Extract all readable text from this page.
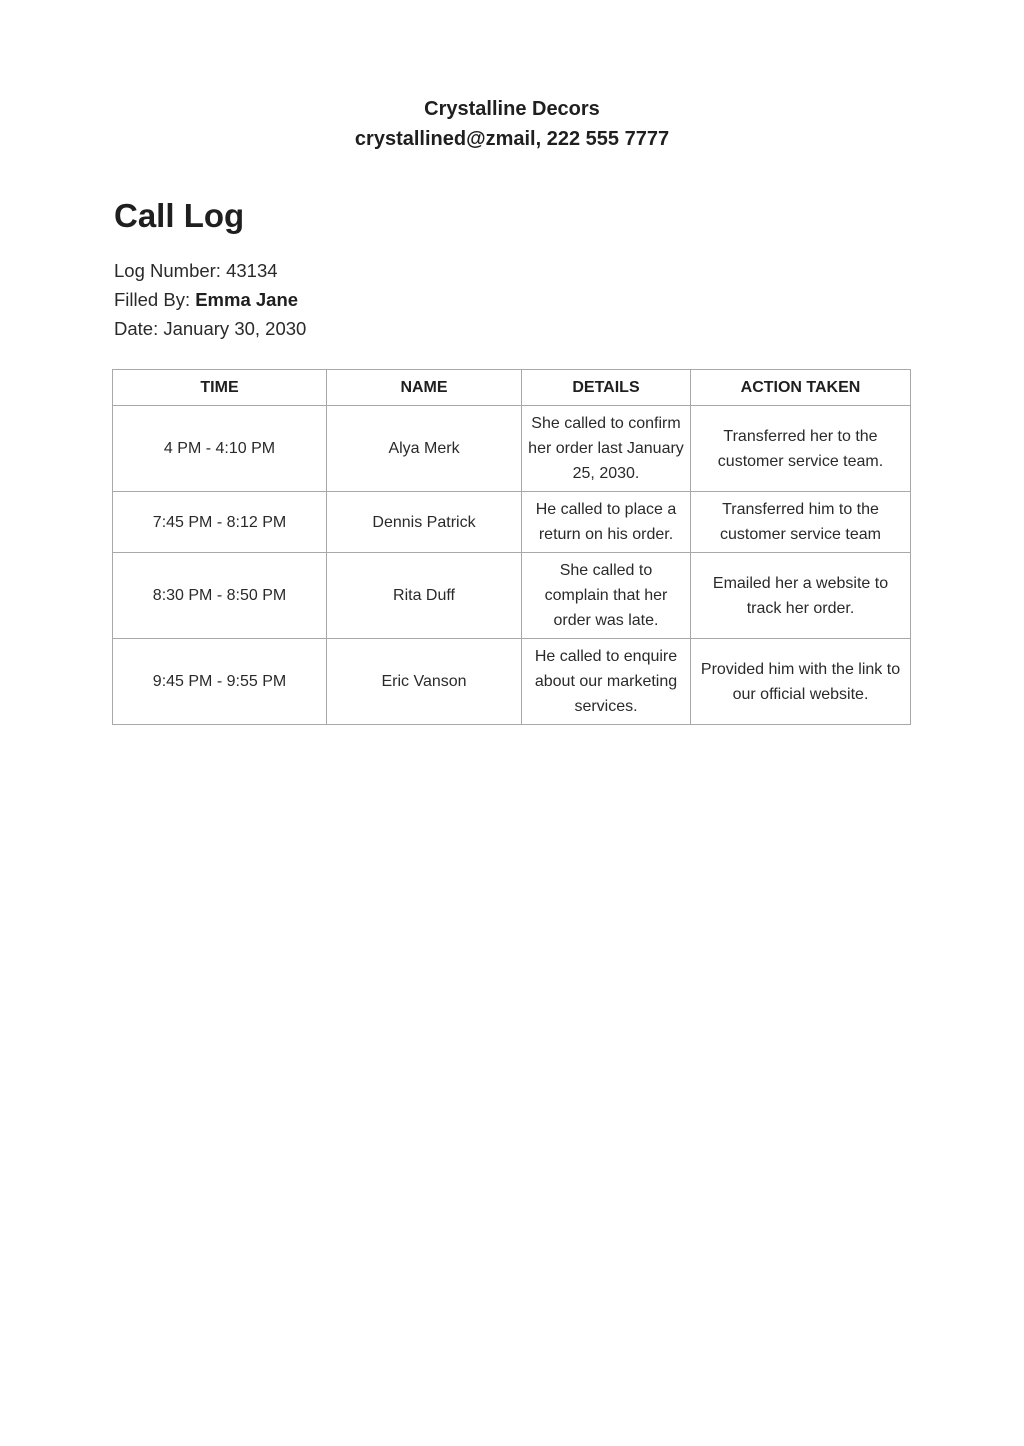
Crystalline Decors
crystallined@zmail, 222 555 7777
Call Log
Log Number: 43134
Filled By: Emma Jane
Date: January 30, 2030
TIME	NAME	DETAILS	ACTION TAKEN
4 PM - 4:10 PM	Alya Merk	She called to confirm her order last January 25, 2030.	Transferred her to the customer service team.
7:45 PM - 8:12 PM	Dennis Patrick	He called to place a return on his order.	Transferred him to the customer service team
8:30 PM - 8:50 PM	Rita Duff	She called to complain that her order was late.	Emailed her a website to track her order.
9:45 PM - 9:55 PM	Eric Vanson	He called to enquire about our marketing services.	Provided him with the link to our official website.
